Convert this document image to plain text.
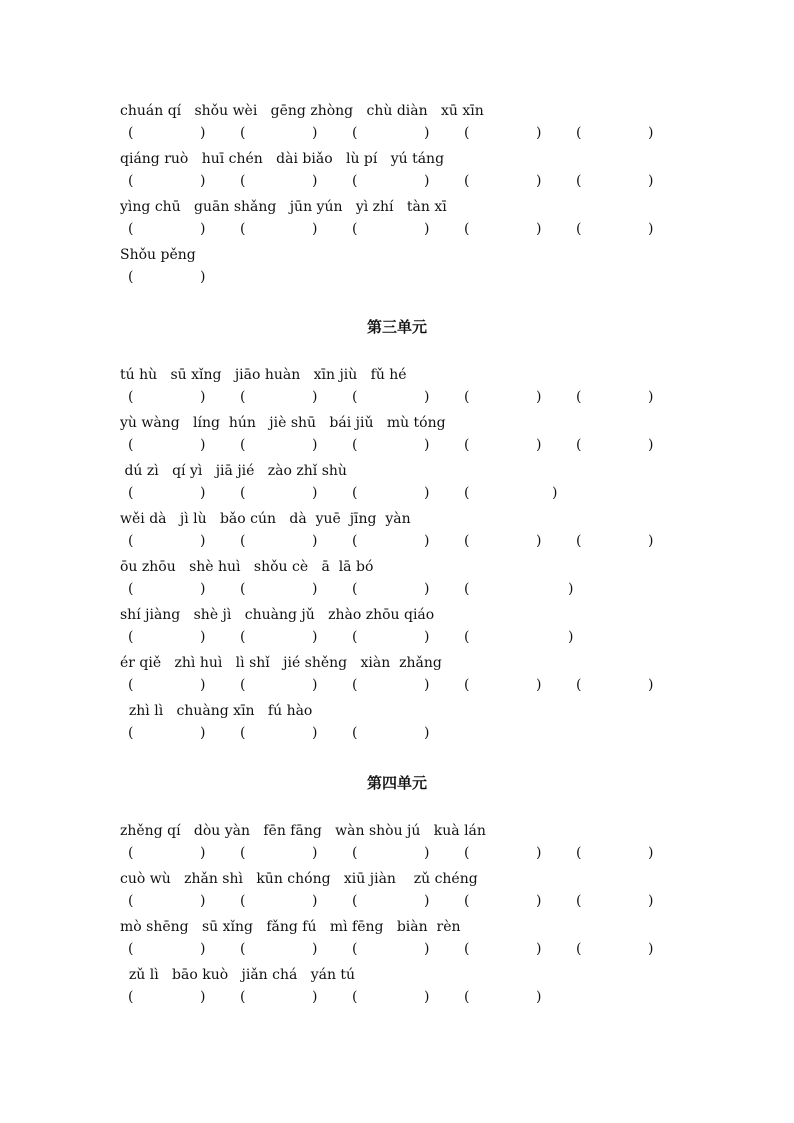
chuán qí   shǒu wèi   gēng zhòng   chù diàn   xū xīn
(	)	(	)	(	)	(	)	(	)
qiáng ruò   huī chén   dài biǎo   lù pí   yú táng
(	)	(	)	(	)	(	)	(	)
yìng chū   guān shǎng   jūn yún   yì zhí   tàn xī
(	)	(	)	(	)	(	)	(	)
Shǒu pěng
(	)
第三单元
tú hù   sū xǐng   jiāo huàn   xīn jiù   fǔ hé
(	)	(	)	(	)	(	)	(	)
yù wàng   líng  hún   jiè shū   bái jiǔ   mù tóng
(	)	(	)	(	)	(	)	(	)
dú zì   qí yì   jiā jié   zào zhǐ shù
(	)	(	)	(	)	(	)
wěi dà   jì lù   bǎo cún   dà  yuē  jīng  yàn
(	)	(	)	(	)	(	)	(	)
ōu zhōu   shè huì   shǒu cè   ā  lā bó
(	)	(	)	(	)	(	)
shí jiàng   shè jì   chuàng jǔ   zhào zhōu qiáo
(	)	(	)	(	)	(	)
ér qiě   zhì huì   lì shǐ   jié shěng   xiàn  zhǎng
(	)	(	)	(	)	(	)	(	)
zhì lì   chuàng xīn   fú hào
(	)	(	)	(	)
第四单元
zhěng qí   dòu yàn   fēn fāng   wàn shòu jú   kuà lán
(	)	(	)	(	)	(	)	(	)
cuò wù   zhǎn shì   kūn chóng   xiū jiàn    zǔ chéng
(	)	(	)	(	)	(	)	(	)
mò shēng   sū xǐng   fǎng fú   mì fēng   biàn  rèn
(	)	(	)	(	)	(	)	(	)
zǔ lì   bāo kuò   jiǎn chá   yán tú
(	)	(	)	(	)	(	)
